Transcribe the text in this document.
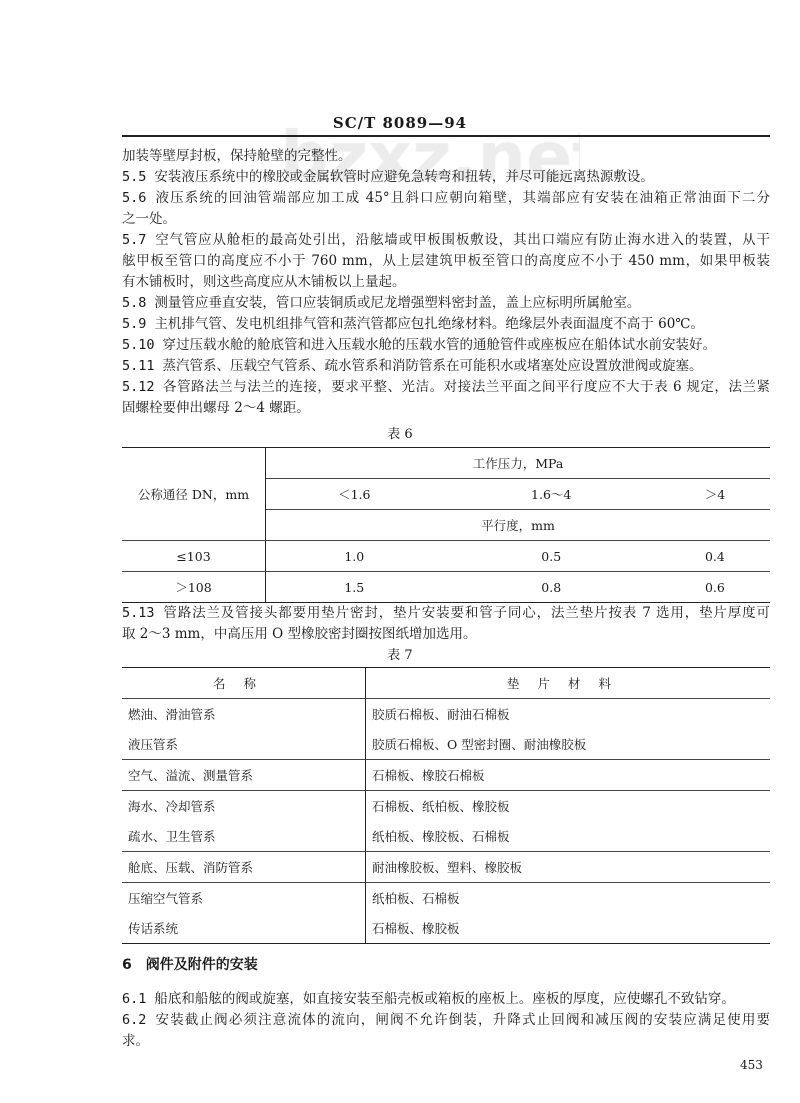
SC/T 8089—94
加装等壁厚封板，保持舱壁的完整性。
5.5 安装液压系统中的橡胶或金属软管时应避免急转弯和扭转，并尽可能远离热源敷设。
5.6 液压系统的回油管端部应加工成 45°且斜口应朝向箱壁，其端部应有安装在油箱正常油面下二分
之一处。
5.7 空气管应从舱柜的最高处引出，沿舷墙或甲板围板敷设，其出口端应有防止海水进入的装置，从干
舷甲板至管口的高度应不小于 760 mm，从上层建筑甲板至管口的高度应不小于 450 mm，如果甲板装
有木铺板时，则这些高度应从木铺板以上量起。
5.8 测量管应垂直安装，管口应装铜质或尼龙增强塑料密封盖，盖上应标明所属舱室。
5.9 主机排气管、发电机组排气管和蒸汽管都应包扎绝缘材料。绝缘层外表面温度不高于 60℃。
5.10 穿过压载水舱的舱底管和进入压载水舱的压载水管的通舱管件或座板应在船体试水前安装好。
5.11 蒸汽管系、压载空气管系、疏水管系和消防管系在可能积水或堵塞处应设置放泄阀或旋塞。
5.12 各管路法兰与法兰的连接，要求平整、光洁。对接法兰平面之间平行度应不大于表 6 规定，法兰紧
固螺栓要伸出螺母 2～4 螺距。
表 6
公称通径 DN，mm	工作压力，MPa		
	＜1.6	1.6～4	＞4
	平行度，mm		
≤103	1.0	0.5	0.4
＞108	1.5	0.8	0.6
5.13 管路法兰及管接头都要用垫片密封，垫片安装要和管子同心，法兰垫片按表 7 选用，垫片厚度可
取 2～3 mm，中高压用 O 型橡胶密封圈按图纸增加选用。
表 7
名称	垫片材料
燃油、滑油管系	胶质石棉板、耐油石棉板
液压管系	胶质石棉板、O 型密封圈、耐油橡胶板
空气、溢流、测量管系	石棉板、橡胶石棉板
海水、冷却管系	石棉板、纸柏板、橡胶板
疏水、卫生管系	纸柏板、橡胶板、石棉板
舱底、压载、消防管系	耐油橡胶板、塑料、橡胶板
压缩空气管系	纸柏板、石棉板
传话系统	石棉板、橡胶板
6　阀件及附件的安装
6.1 船底和船舷的阀或旋塞，如直接安装至船壳板或箱板的座板上。座板的厚度，应使螺孔不致钻穿。
6.2 安装截止阀必须注意流体的流向，闸阀不允许倒装，升降式止回阀和减压阀的安装应满足使用要
求。
453
